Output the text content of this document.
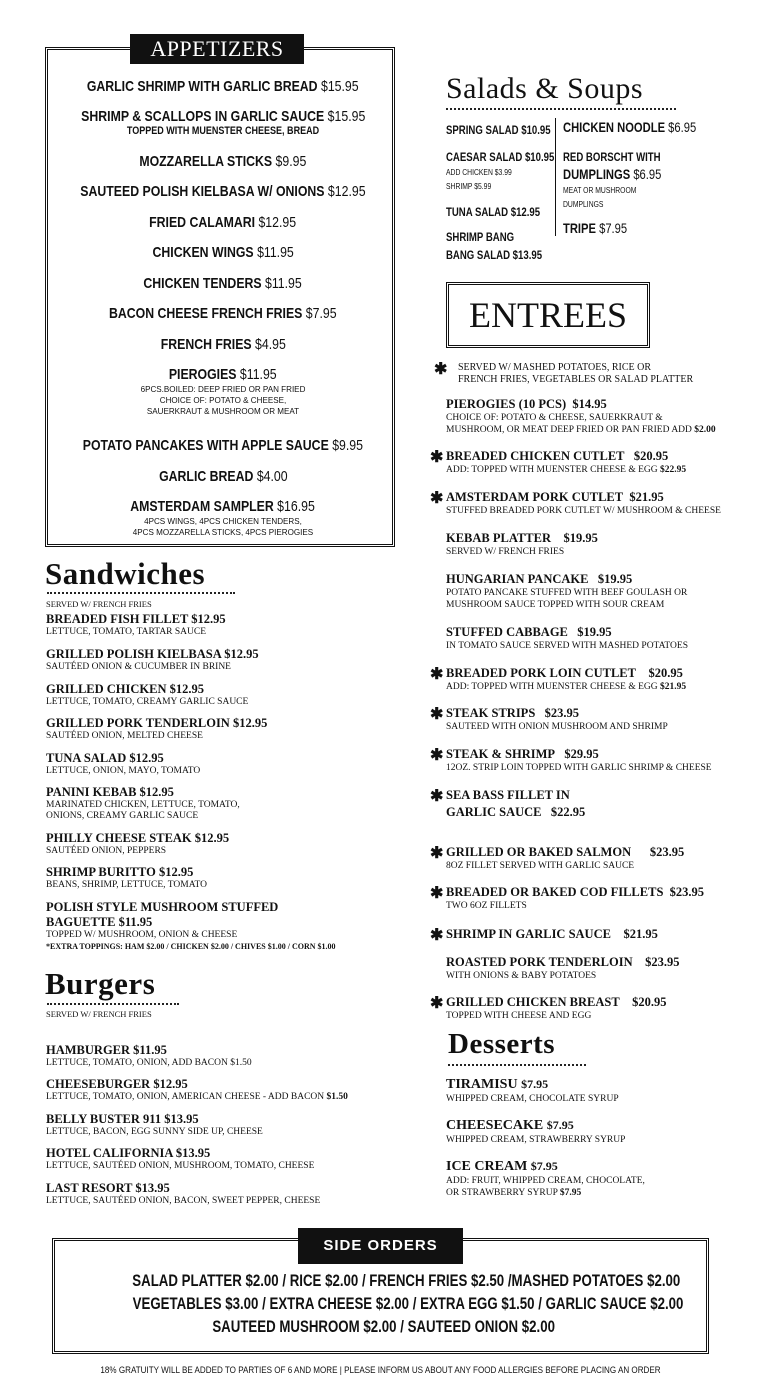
GARLIC SHRIMP WITH GARLIC BREAD $15.95
SHRIMP & SCALLOPS IN GARLIC SAUCE $15.95
TOPPED WITH MUENSTER CHEESE, BREAD
MOZZARELLA STICKS $9.95
SAUTEED POLISH KIELBASA W/ ONIONS $12.95
FRIED CALAMARI $12.95
CHICKEN WINGS $11.95
CHICKEN TENDERS $11.95
BACON CHEESE FRENCH FRIES $7.95
FRENCH FRIES $4.95
PIEROGIES $11.95
6PCS.BOILED: DEEP FRIED OR PAN FRIED
CHOICE OF: POTATO & CHEESE,
SAUERKRAUT & MUSHROOM OR MEAT
POTATO PANCAKES WITH APPLE SAUCE $9.95
GARLIC BREAD $4.00
AMSTERDAM SAMPLER $16.95
4PCS WINGS, 4PCS CHICKEN TENDERS,
4PCS MOZZARELLA STICKS, 4PCS PIEROGIES
APPETIZERS
Salads & Soups
SPRING SALAD $10.95
CAESAR SALAD $10.95
ADD CHICKEN $3.99
SHRIMP $5.99
TUNA SALAD $12.95
SHRIMP BANG
BANG SALAD $13.95
CHICKEN NOODLE $6.95
RED BORSCHT WITH
DUMPLINGS $6.95
MEAT OR MUSHROOM
DUMPLINGS
TRIPE $7.95
ENTREES
✱	SERVED W/ MASHED POTATOES, RICE OR
FRENCH FRIES, VEGETABLES OR SALAD PLATTER
PIEROGIES (10 PCS) $14.95
CHOICE OF: POTATO & CHEESE, SAUERKRAUT &
MUSHROOM, OR MEAT DEEP FRIED OR PAN FRIED ADD $2.00
✱ BREADED CHICKEN CUTLET $20.95
ADD: TOPPED WITH MUENSTER CHEESE & EGG $22.95
✱ AMSTERDAM PORK CUTLET $21.95
STUFFED BREADED PORK CUTLET W/ MUSHROOM & CHEESE
KEBAB PLATTER $19.95
SERVED W/ FRENCH FRIES
HUNGARIAN PANCAKE $19.95
POTATO PANCAKE STUFFED WITH BEEF GOULASH OR
MUSHROOM SAUCE TOPPED WITH SOUR CREAM
STUFFED CABBAGE $19.95
IN TOMATO SAUCE SERVED WITH MASHED POTATOES
✱ BREADED PORK LOIN CUTLET $20.95
ADD: TOPPED WITH MUENSTER CHEESE & EGG $21.95
✱ STEAK STRIPS $23.95
SAUTEED WITH ONION MUSHROOM AND SHRIMP
✱ STEAK & SHRIMP $29.95
12OZ. STRIP LOIN TOPPED WITH GARLIC SHRIMP & CHEESE
✱ SEA BASS FILLET IN
GARLIC SAUCE $22.95
✱ GRILLED OR BAKED SALMON $23.95
8OZ FILLET SERVED WITH GARLIC SAUCE
✱ BREADED OR BAKED COD FILLETS $23.95
TWO 6OZ FILLETS
✱ SHRIMP IN GARLIC SAUCE $21.95
ROASTED PORK TENDERLOIN $23.95
WITH ONIONS & BABY POTATOES
✱ GRILLED CHICKEN BREAST $20.95
TOPPED WITH CHEESE AND EGG
Desserts
TIRAMISU $7.95
WHIPPED CREAM, CHOCOLATE SYRUP
CHEESECAKE $7.95
WHIPPED CREAM, STRAWBERRY SYRUP
ICE CREAM $7.95
ADD: FRUIT, WHIPPED CREAM, CHOCOLATE,
OR STRAWBERRY SYRUP $7.95
Sandwiches
SERVED W/ FRENCH FRIES
BREADED FISH FILLET $12.95
LETTUCE, TOMATO, TARTAR SAUCE
GRILLED POLISH KIELBASA $12.95
SAUTÉED ONION & CUCUMBER IN BRINE
GRILLED CHICKEN $12.95
LETTUCE, TOMATO, CREAMY GARLIC SAUCE
GRILLED PORK TENDERLOIN $12.95
SAUTÉED ONION, MELTED CHEESE
TUNA SALAD $12.95
LETTUCE, ONION, MAYO, TOMATO
PANINI KEBAB $12.95
MARINATED CHICKEN, LETTUCE, TOMATO,
ONIONS, CREAMY GARLIC SAUCE
PHILLY CHEESE STEAK $12.95
SAUTÉED ONION, PEPPERS
SHRIMP BURITTO $12.95
BEANS, SHRIMP, LETTUCE, TOMATO
POLISH STYLE MUSHROOM STUFFED
BAGUETTE $11.95
TOPPED W/ MUSHROOM, ONION & CHEESE
*EXTRA TOPPINGS: HAM $2.00 / CHICKEN $2.00 / CHIVES $1.00 / CORN $1.00
Burgers
SERVED W/ FRENCH FRIES
HAMBURGER $11.95
LETTUCE, TOMATO, ONION, ADD BACON $1.50
CHEESEBURGER $12.95
LETTUCE, TOMATO, ONION, AMERICAN CHEESE - ADD BACON $1.50
BELLY BUSTER 911 $13.95
LETTUCE, BACON, EGG SUNNY SIDE UP, CHEESE
HOTEL CALIFORNIA $13.95
LETTUCE, SAUTÉED ONION, MUSHROOM, TOMATO, CHEESE
LAST RESORT $13.95
LETTUCE, SAUTÉED ONION, BACON, SWEET PEPPER, CHEESE
SALAD PLATTER $2.00 / RICE $2.00 / FRENCH FRIES $2.50 /MASHED POTATOES $2.00
VEGETABLES $3.00 / EXTRA CHEESE $2.00 / EXTRA EGG $1.50 / GARLIC SAUCE $2.00
SAUTEED MUSHROOM $2.00 / SAUTEED ONION $2.00
SIDE ORDERS
18% GRATUITY WILL BE ADDED TO PARTIES OF 6 AND MORE | PLEASE INFORM US ABOUT ANY FOOD ALLERGIES BEFORE PLACING AN ORDER
